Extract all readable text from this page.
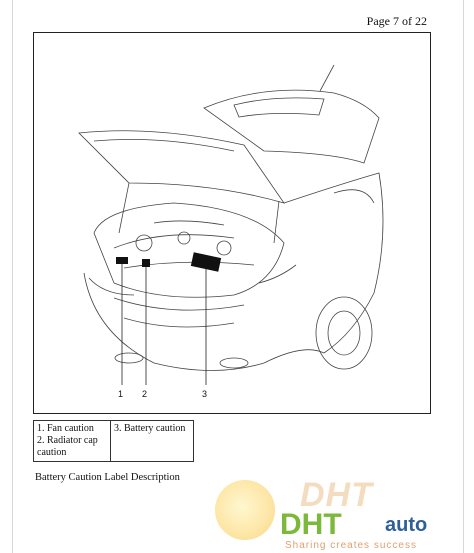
Page 7 of 22
1 2	3
1. Fan caution
2. Radiator cap caution

3. Battery caution
Battery Caution Label Description	DHT
DHT auto
Sharing creates success
